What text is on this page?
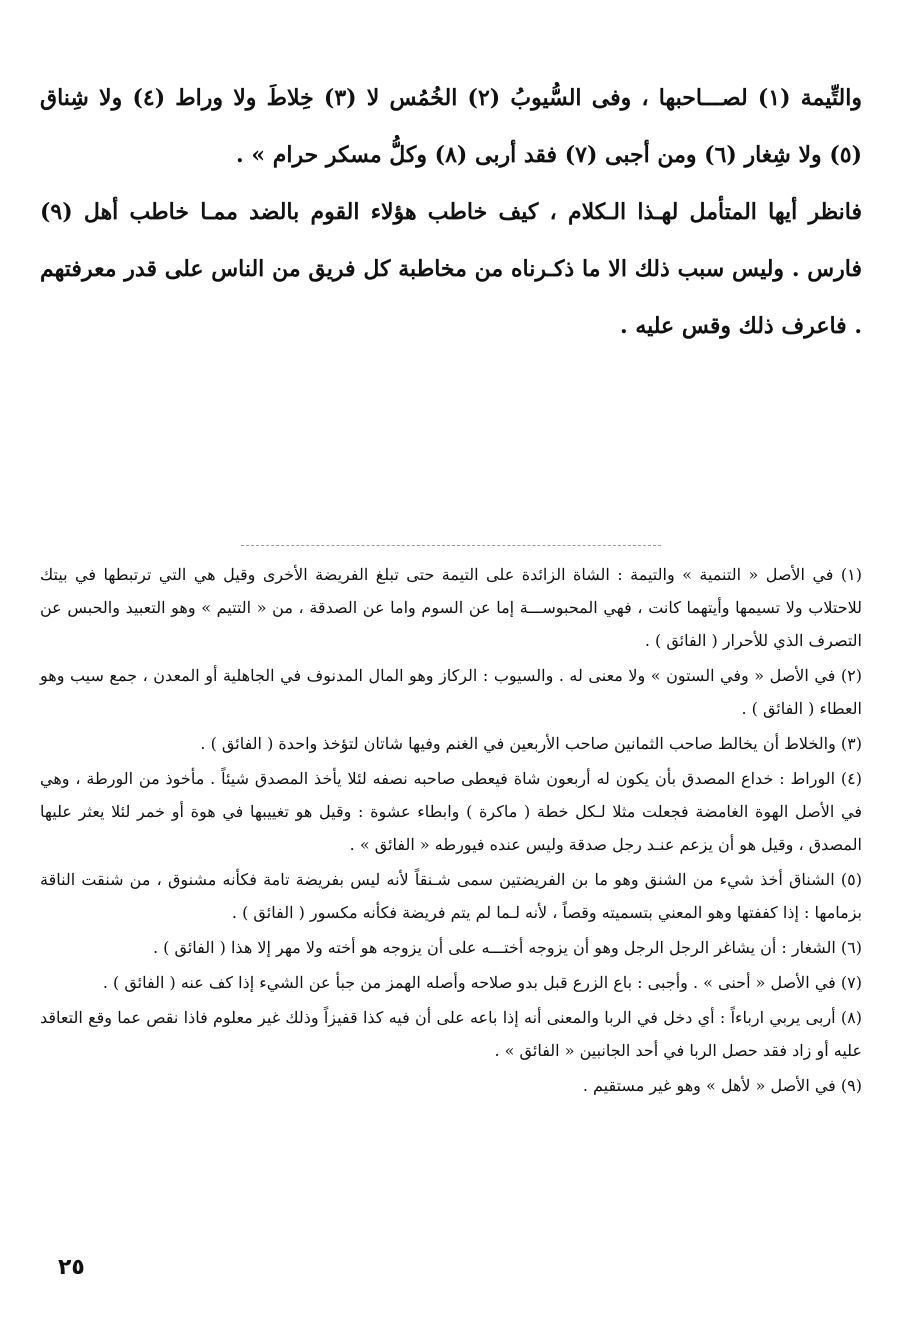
والتِّيمة (١) لصـــاحبها ، وفى السُّيوبُ (٢) الخُمُس لا (٣) خِلاطَ ولا وراط (٤) ولا شِناق (٥) ولا شِغار (٦) ومن أجبى (٧) فقد أربى (٨) وكلُّ مسكر حرام » .

فانظر أيها المتأمل لهـذا الـكلام ، كيف خاطب هؤلاء القوم بالضد ممـا خاطب أهل (٩) فارس . وليس سبب ذلك الا ما ذكـرناه من مخاطبة كل فريق من الناس على قدر معرفتهم . فاعرف ذلك وقس عليه .

(١) في الأصل « التنمية » والتيمة : الشاة الزائدة على التيمة حتى تبلغ الفريضة الأخرى وقيل هي التي ترتبطها في بيتك للاحتلاب ولا تسيمها وأيتهما كانت ، فهي المحبوســـة إما عن السوم واما عن الصدقة ، من « التتيم » وهو التعبيد والحبس عن التصرف الذي للأحرار ( الفائق ) .

(٢) في الأصل « وفي الستون » ولا معنى له . والسيوب : الركاز وهو المال المدنوف في الجاهلية أو المعدن ، جمع سيب وهو العطاء ( الفائق ) .

(٣) والخلاط أن يخالط صاحب الثمانين صاحب الأربعين في الغنم وفيها شاتان لتؤخذ واحدة ( الفائق ) .

(٤) الوراط : خداع المصدق بأن يكون له أربعون شاة فيعطى صاحبه نصفه لئلا يأخذ المصدق شيئاً . مأخوذ من الورطة ، وهي في الأصل الهوة الغامضة فجعلت مثلا لـكل خطة ( ماكرة ) وابطاء عشوة : وقيل هو تغييبها في هوة أو خمر لئلا يعثر عليها المصدق ، وقيل هو أن يزعم عنـد رجل صدقة وليس عنده فيورطه « الفائق » .

(٥) الشناق أخذ شيء من الشنق وهو ما بن الفريضتين سمى شـنقاً لأنه ليس بفريضة تامة فكأنه مشنوق ، من شنقت الناقة بزمامها : إذا كففتها وهو المعني بتسميته وقصاً ، لأنه لـما لم يتم فريضة فكأنه مكسور ( الفائق ) .

(٦) الشغار : أن يشاغر الرجل الرجل وهو أن يزوجه أختـــه على أن يزوجه هو أخته ولا مهر إلا هذا ( الفائق ) .

(٧) في الأصل « أحنى » . وأجبى : باع الزرع قبل بدو صلاحه وأصله الهمز من جبأ عن الشيء إذا كف عنه ( الفائق ) .

(٨) أربى يربي ارباءاً : أي دخل في الربا والمعنى أنه إذا باعه على أن فيه كذا قفيزاً وذلك غير معلوم فاذا نقص عما وقع التعاقد عليه أو زاد فقد حصل الربا في أحد الجانبين « الفائق » .

(٩) في الأصل « لأهل » وهو غير مستقيم .

٢٥
